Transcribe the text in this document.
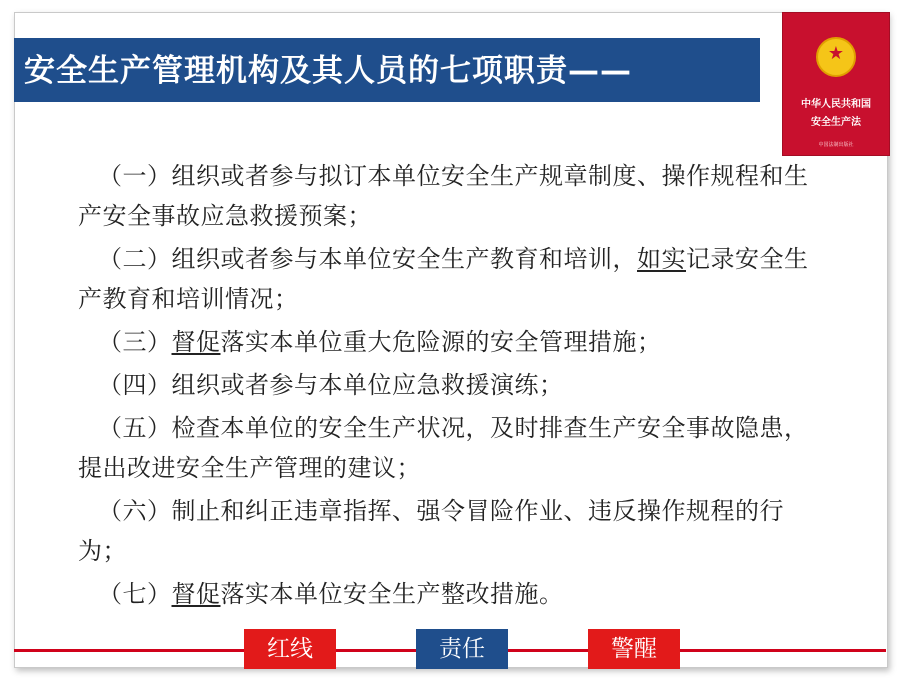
安全生产管理机构及其人员的七项职责——	★
中华人民共和国
安全生产法
中国法制出版社

（一）组织或者参与拟订本单位安全生产规章制度、操作规程和生产安全事故应急救援预案；

（二）组织或者参与本单位安全生产教育和培训，如实记录安全生产教育和培训情况；

（三）督促落实本单位重大危险源的安全管理措施；

（四）组织或者参与本单位应急救援演练；

（五）检查本单位的安全生产状况，及时排查生产安全事故隐患，提出改进安全生产管理的建议；

（六）制止和纠正违章指挥、强令冒险作业、违反操作规程的行为；

（七）督促落实本单位安全生产整改措施。

红线	责任	警醒
